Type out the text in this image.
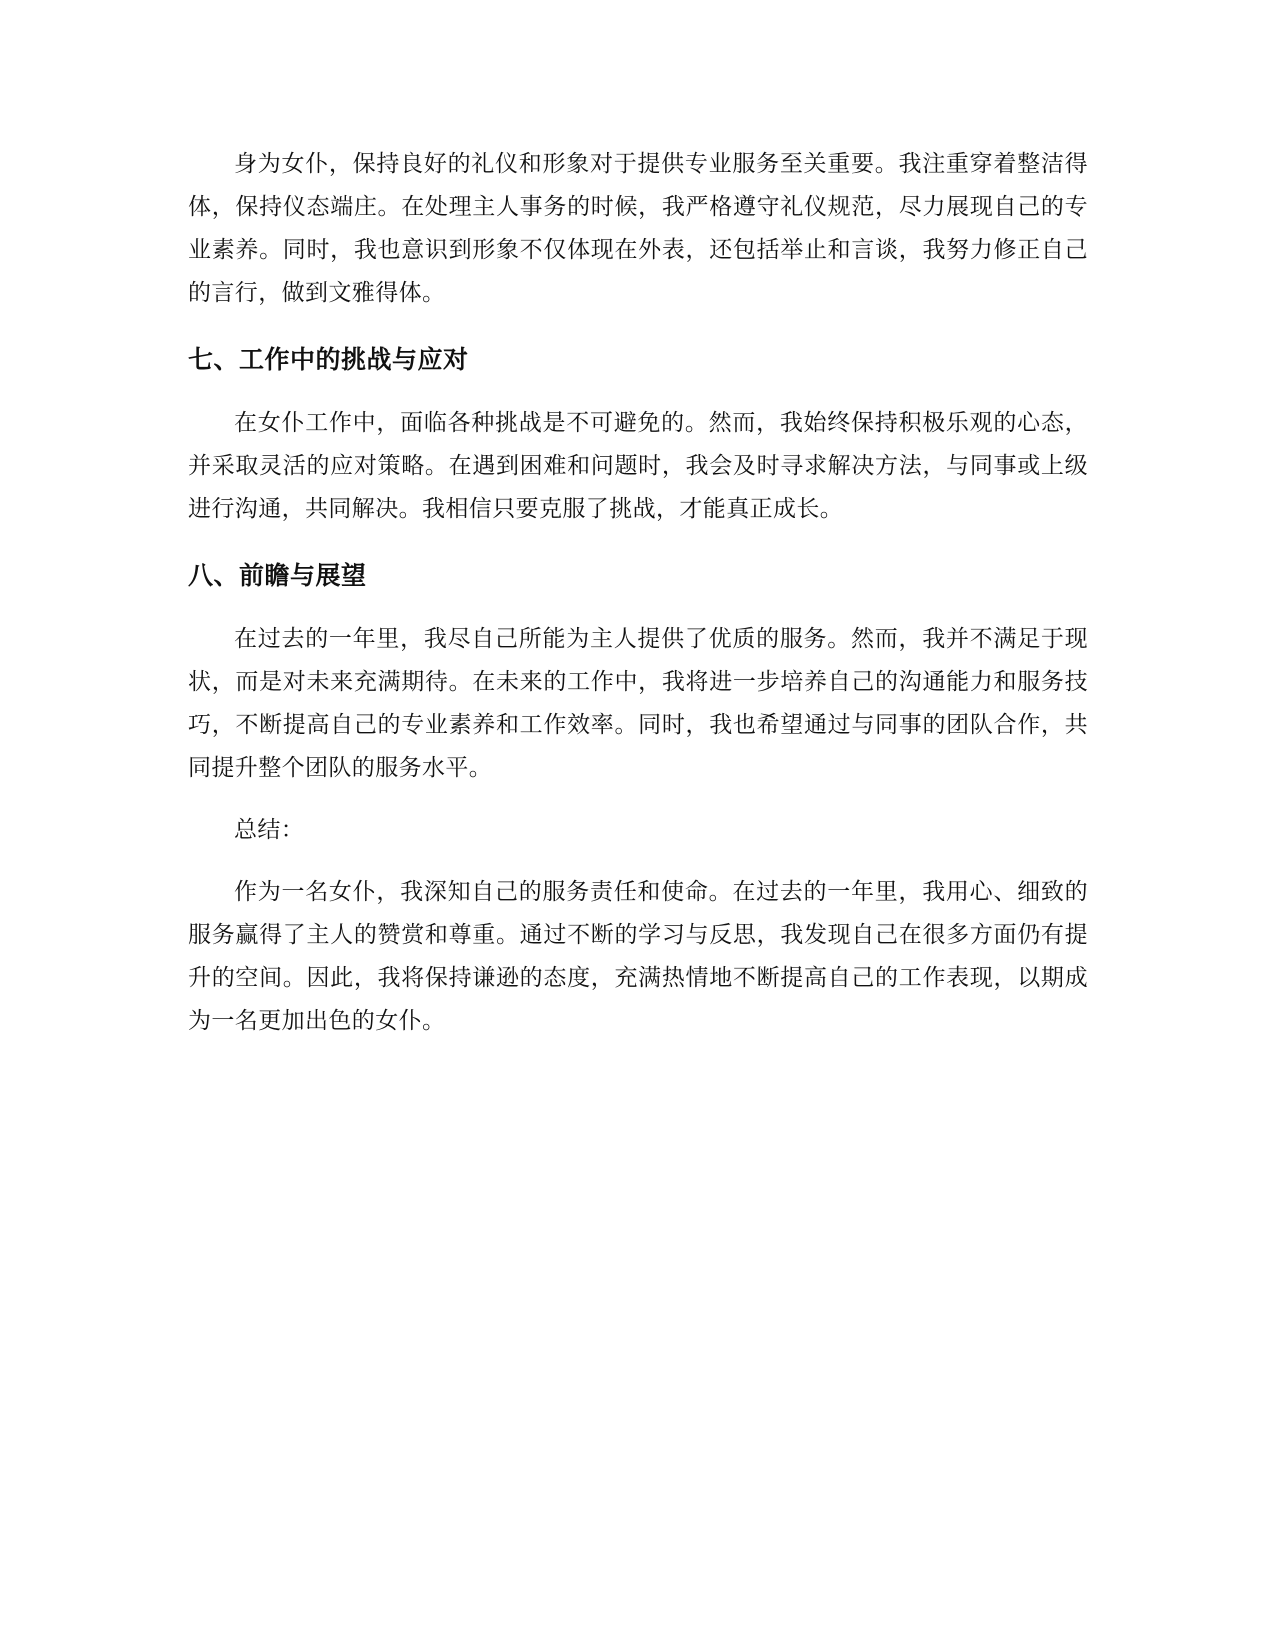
身为女仆，保持良好的礼仪和形象对于提供专业服务至关重要。我注重穿着整洁得体，保持仪态端庄。在处理主人事务的时候，我严格遵守礼仪规范，尽力展现自己的专业素养。同时，我也意识到形象不仅体现在外表，还包括举止和言谈，我努力修正自己的言行，做到文雅得体。

七、工作中的挑战与应对

在女仆工作中，面临各种挑战是不可避免的。然而，我始终保持积极乐观的心态，并采取灵活的应对策略。在遇到困难和问题时，我会及时寻求解决方法，与同事或上级进行沟通，共同解决。我相信只要克服了挑战，才能真正成长。

八、前瞻与展望

在过去的一年里，我尽自己所能为主人提供了优质的服务。然而，我并不满足于现状，而是对未来充满期待。在未来的工作中，我将进一步培养自己的沟通能力和服务技巧，不断提高自己的专业素养和工作效率。同时，我也希望通过与同事的团队合作，共同提升整个团队的服务水平。

总结：

作为一名女仆，我深知自己的服务责任和使命。在过去的一年里，我用心、细致的服务赢得了主人的赞赏和尊重。通过不断的学习与反思，我发现自己在很多方面仍有提升的空间。因此，我将保持谦逊的态度，充满热情地不断提高自己的工作表现，以期成为一名更加出色的女仆。
